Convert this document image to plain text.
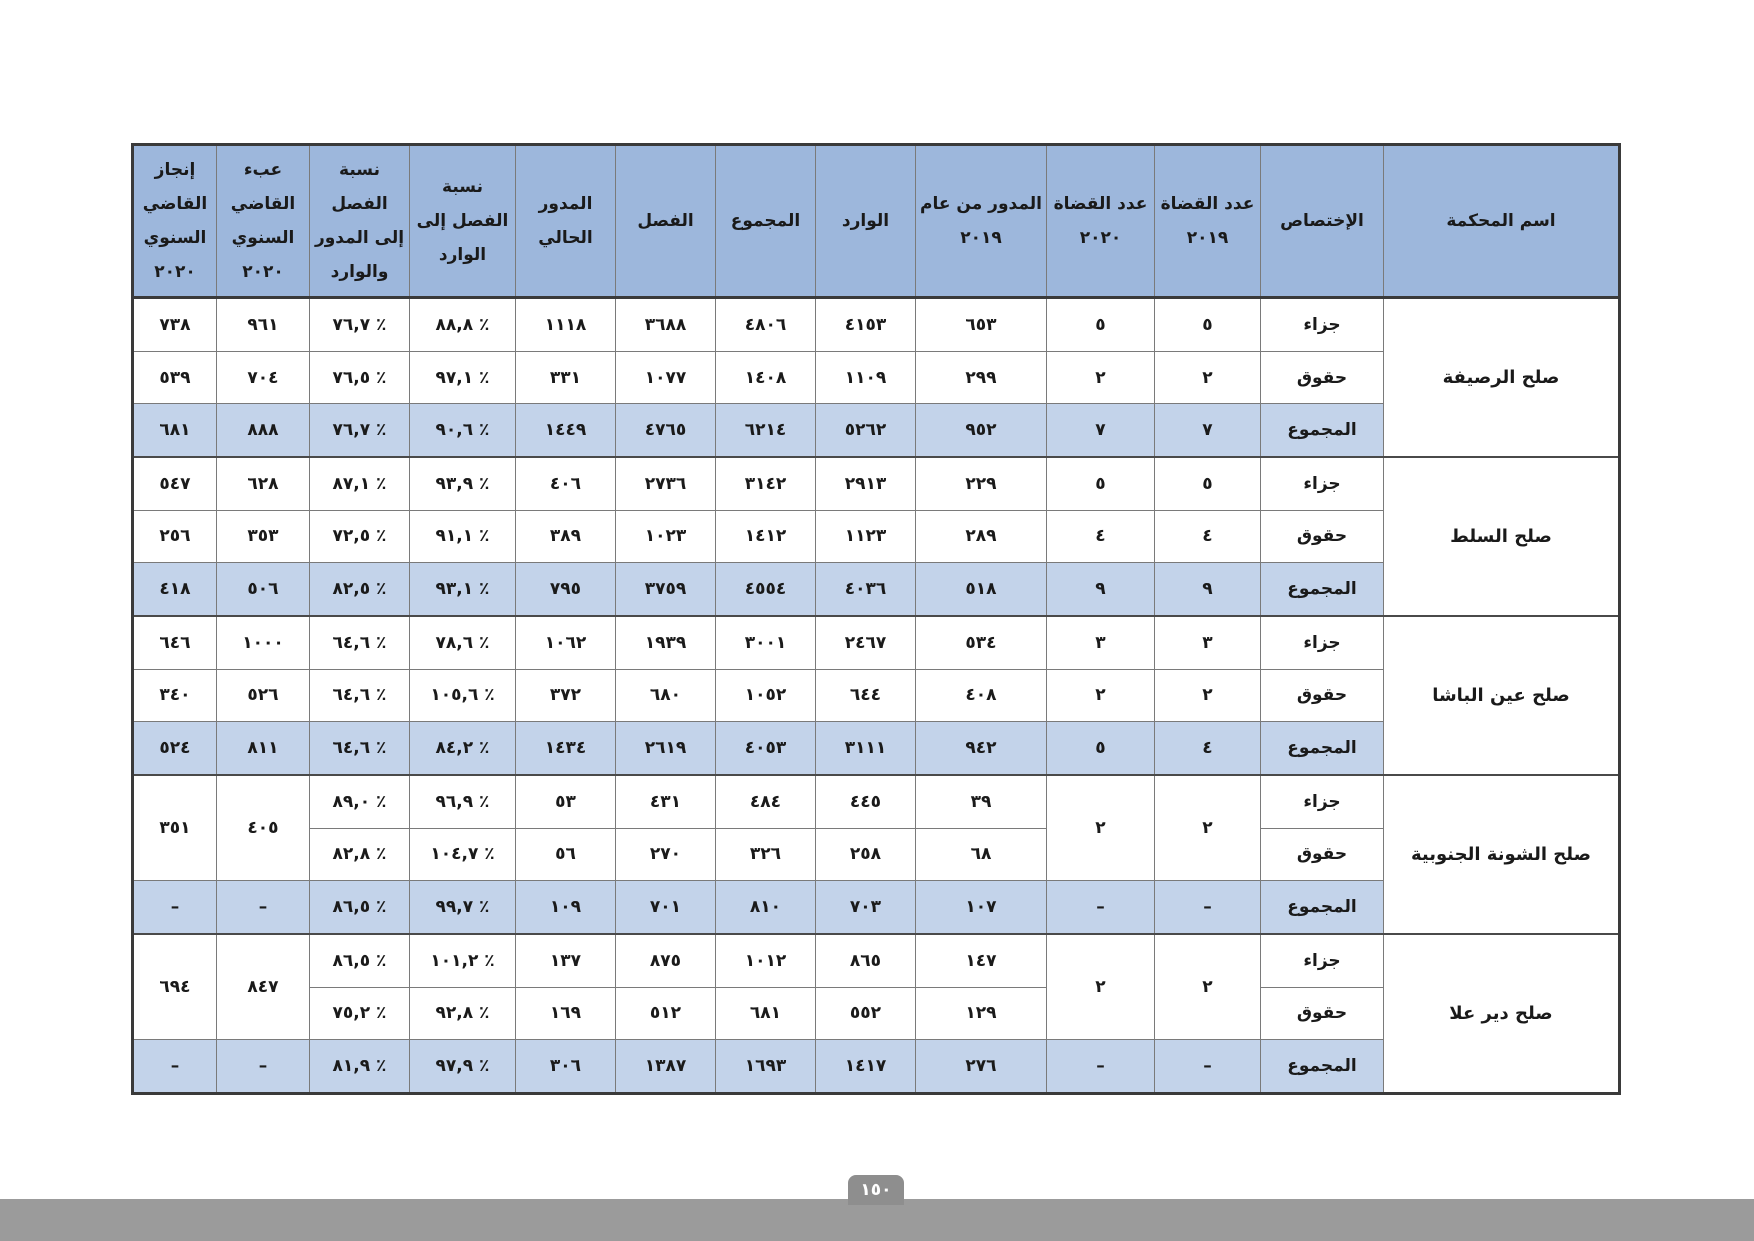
اسم المحكمة	الإختصاص	عدد القضاة ٢٠١٩	عدد القضاة ٢٠٢٠	المدور من عام ٢٠١٩	الوارد	المجموع	الفصل	المدور الحالي	نسبة الفصل إلى الوارد	نسبة الفصل إلى المدور والوارد	عبء القاضي السنوي ٢٠٢٠	إنجاز القاضي السنوي ٢٠٢٠
صلح الرصيفة	جزاء	٥	٥	٦٥٣	٤١٥٣	٤٨٠٦	٣٦٨٨	١١١٨	٪ ٨٨,٨	٪ ٧٦,٧	٩٦١	٧٣٨
	حقوق	٢	٢	٢٩٩	١١٠٩	١٤٠٨	١٠٧٧	٣٣١	٪ ٩٧,١	٪ ٧٦,٥	٧٠٤	٥٣٩
	المجموع	٧	٧	٩٥٢	٥٢٦٢	٦٢١٤	٤٧٦٥	١٤٤٩	٪ ٩٠,٦	٪ ٧٦,٧	٨٨٨	٦٨١
صلح السلط	جزاء	٥	٥	٢٢٩	٢٩١٣	٣١٤٢	٢٧٣٦	٤٠٦	٪ ٩٣,٩	٪ ٨٧,١	٦٢٨	٥٤٧
	حقوق	٤	٤	٢٨٩	١١٢٣	١٤١٢	١٠٢٣	٣٨٩	٪ ٩١,١	٪ ٧٢,٥	٣٥٣	٢٥٦
	المجموع	٩	٩	٥١٨	٤٠٣٦	٤٥٥٤	٣٧٥٩	٧٩٥	٪ ٩٣,١	٪ ٨٢,٥	٥٠٦	٤١٨
صلح عين الباشا	جزاء	٣	٣	٥٣٤	٢٤٦٧	٣٠٠١	١٩٣٩	١٠٦٢	٪ ٧٨,٦	٪ ٦٤,٦	١٠٠٠	٦٤٦
	حقوق	٢	٢	٤٠٨	٦٤٤	١٠٥٢	٦٨٠	٣٧٢	٪ ١٠٥,٦	٪ ٦٤,٦	٥٢٦	٣٤٠
	المجموع	٤	٥	٩٤٢	٣١١١	٤٠٥٣	٢٦١٩	١٤٣٤	٪ ٨٤,٢	٪ ٦٤,٦	٨١١	٥٢٤
صلح الشونة الجنوبية	جزاء	٢	٢	٣٩	٤٤٥	٤٨٤	٤٣١	٥٣	٪ ٩٦,٩	٪ ٨٩,٠	٤٠٥	٣٥١
	حقوق			٦٨	٢٥٨	٣٢٦	٢٧٠	٥٦	٪ ١٠٤,٧	٪ ٨٢,٨		
	المجموع	–	–	١٠٧	٧٠٣	٨١٠	٧٠١	١٠٩	٪ ٩٩,٧	٪ ٨٦,٥	–	–
صلح دير علا	جزاء	٢	٢	١٤٧	٨٦٥	١٠١٢	٨٧٥	١٣٧	٪ ١٠١,٢	٪ ٨٦,٥	٨٤٧	٦٩٤
	حقوق			١٢٩	٥٥٢	٦٨١	٥١٢	١٦٩	٪ ٩٢,٨	٪ ٧٥,٢		
	المجموع	–	–	٢٧٦	١٤١٧	١٦٩٣	١٣٨٧	٣٠٦	٪ ٩٧,٩	٪ ٨١,٩	–	–
١٥٠
